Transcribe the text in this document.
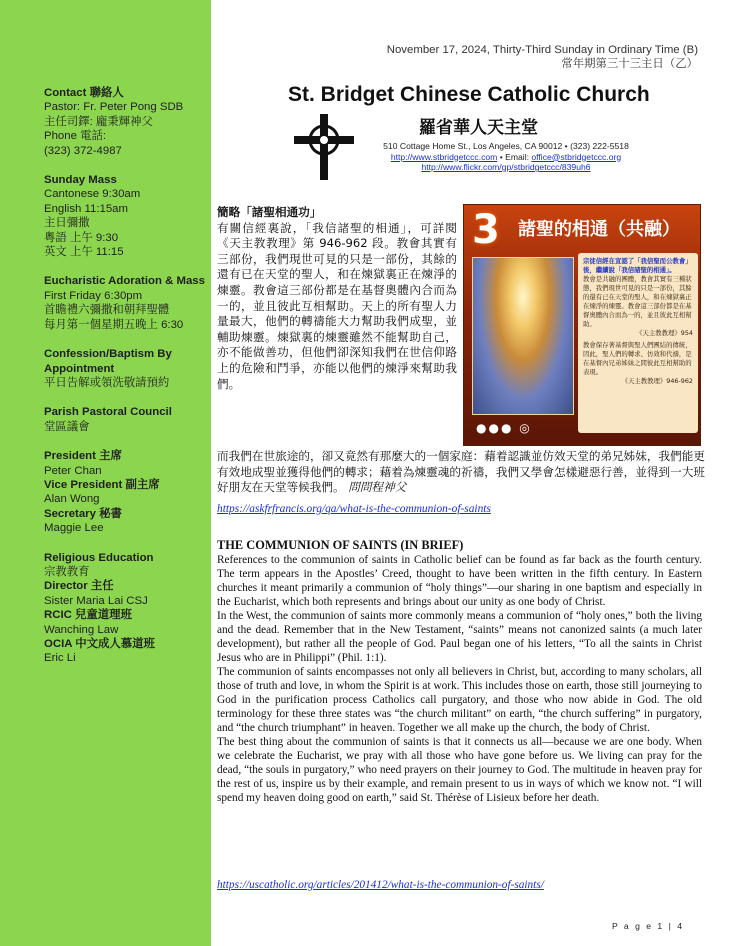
Contact 聯絡人
Pastor: Fr. Peter Pong SDB
主任司鐸: 龐秉輝神父
Phone 電話:
(323) 372-4987
Sunday Mass
Cantonese 9:30am
English 11:15am
主日彌撒
粵語 上午 9:30
英文 上午 11:15
Eucharistic Adoration & Mass
First Friday 6:30pm
首瞻禮六彌撒和朝拜聖體
每月第一個星期五晚上 6:30
Confession/Baptism By Appointment
平日告解或領洗敬請預約
Parish Pastoral Council
堂區議會
President 主席
Peter Chan
Vice President 副主席
Alan Wong
Secretary 秘書
Maggie Lee
Religious Education
宗教教育
Director 主任
Sister Maria Lai CSJ
RCIC 兒童道理班
Wanching Law
OCIA 中文成人慕道班
Eric Li
November 17, 2024, Thirty-Third Sunday in Ordinary Time (B)
常年期第三十三主日（乙）
St. Bridget Chinese Catholic Church
羅省華人天主堂
510 Cottage Home St., Los Angeles, CA 90012 • (323) 222-5518
http://www.stbridgetccc.com • Email: office@stbridgetccc.org
http://www.flickr.com/gp/stbridgetccc/839uh6
簡略「諸聖相通功」
有關信經裏說，「我信諸聖的相通」，可詳閱《天主教教理》第 946-962 段。教會其實有三部份，我們現世可見的只是一部份，其餘的還有已在天堂的聖人，和在煉獄裏正在煉淨的煉靈。教會這三部份都是在基督奧體內合而為一的，並且彼此互相幫助。天上的所有聖人力量最大，他們的轉禱能大力幫助我們成聖，並輔助煉靈。煉獄裏的煉靈雖然不能幫助自己，亦不能做善功，但他們卻深知我們在世信仰路上的危險和鬥爭，亦能以他們的煉淨來幫助我們。
而我們在世旅途的，卻又竟然有那麼大的一個家庭：藉着認識並仿效天堂的弟兄姊妹，我們能更有效地成聖並獲得他們的轉求；藉着為煉靈魂的祈禱，我們又學會怎樣避惡行善，並得到一大班好朋友在天堂等候我們。 問問程神父
https://askfrfrancis.org/qa/what-is-the-communion-of-saints
3 諸聖的相通（共融）
宗徒信經在宣認了「我信聖而公教會」後，繼續說「我信諸聖的相通」。
教會是共融的團體，教會其實有三種狀態，我們現世可見的只是一部份，其餘的還有已在天堂的聖人，和在煉獄裏正在煉淨的煉靈。教會這三部份都是在基督奧體內合而為一的，並且彼此互相幫助。
《天主教教理》954
教會保存著基督與聖人們團結的傳統，因此，聖人們的轉求、仿效和代禱，是在基督內兄弟姊妹之間彼此互相幫助的表現。
《天主教教理》946-962
●●● ◎
THE COMMUNION OF SAINTS (IN BRIEF)

References to the communion of saints in Catholic belief can be found as far back as the fourth century. The term appears in the Apostles’ Creed, thought to have been written in the fifth century. In Eastern churches it meant primarily a communion of “holy things”—our sharing in one baptism and especially in the Eucharist, which both represents and brings about our unity as one body of Christ.

In the West, the communion of saints more commonly means a communion of “holy ones,” both the living and the dead. Remember that in the New Testament, “saints” means not canonized saints (a much later development), but rather all the people of God. Paul began one of his letters, “To all the saints in Christ Jesus who are in Philippi” (Phil. 1:1).

The communion of saints encompasses not only all believers in Christ, but, according to many scholars, all those of truth and love, in whom the Spirit is at work. This includes those on earth, those still journeying to God in the purification process Catholics call purgatory, and those who now abide in God. The old terminology for these three states was “the church militant” on earth, “the church suffering” in purgatory, and “the church triumphant” in heaven. Together we all make up the church, the body of Christ.

The best thing about the communion of saints is that it connects us all—because we are one body. When we celebrate the Eucharist, we pray with all those who have gone before us. We living can pray for the dead, “the souls in purgatory,” who need prayers on their journey to God. The multitude in heaven pray for the rest of us, inspire us by their example, and remain present to us in ways of which we know not. “I will spend my heaven doing good on earth,” said St. Thérèse of Lisieux before her death.

https://uscatholic.org/articles/201412/what-is-the-communion-of-saints/
P a g e 1 | 4
